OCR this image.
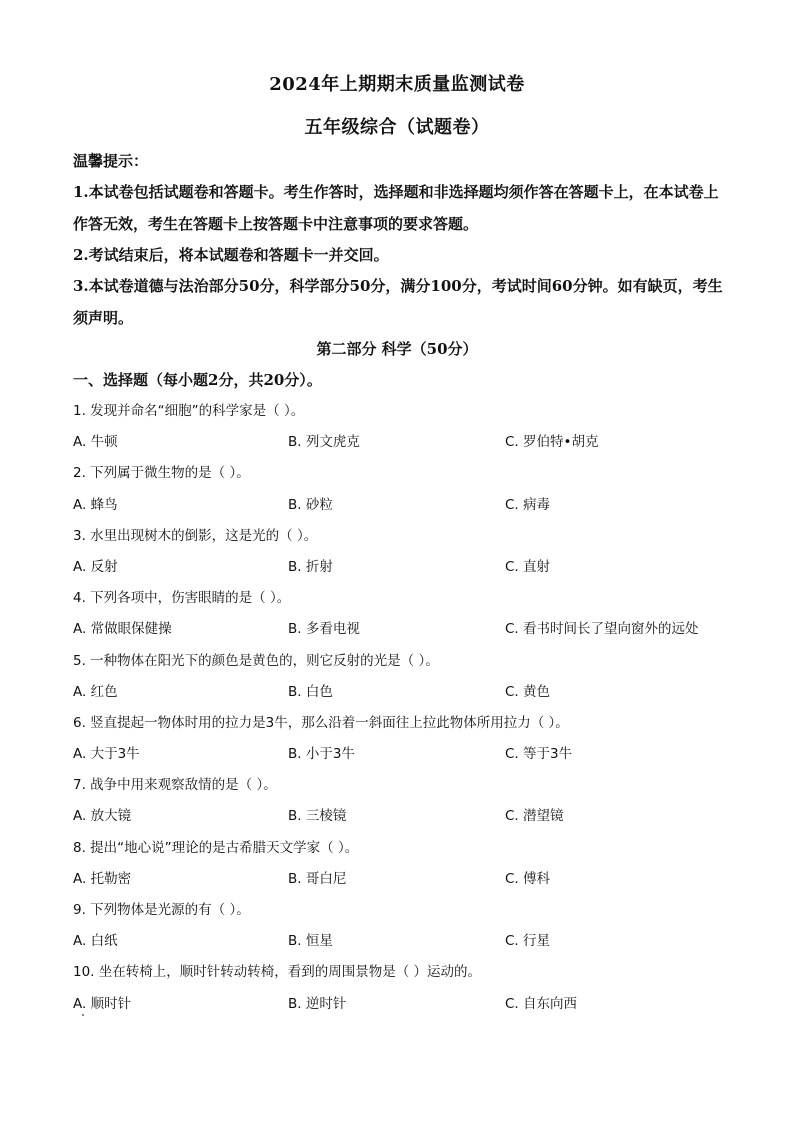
2024年上期期末质量监测试卷
五年级综合（试题卷）
温馨提示：
1.本试卷包括试题卷和答题卡。考生作答时，选择题和非选择题均须作答在答题卡上，在本试卷上作答无效，考生在答题卡上按答题卡中注意事项的要求答题。
2.考试结束后，将本试题卷和答题卡一并交回。
3.本试卷道德与法治部分50分，科学部分50分，满分100分，考试时间60分钟。如有缺页，考生须声明。
第二部分 科学（50分）
一、选择题（每小题2分，共20分）。
1. 发现并命名“细胞”的科学家是（ ）。
A. 牛顿	B. 列文虎克	C. 罗伯特•胡克
2. 下列属于微生物的是（ ）。
A. 蜂鸟	B. 砂粒	C. 病毒
3. 水里出现树木的倒影，这是光的（ ）。
A. 反射	B. 折射	C. 直射
4. 下列各项中，伤害眼睛的是（ ）。
A. 常做眼保健操	B. 多看电视	C. 看书时间长了望向窗外的远处
5. 一种物体在阳光下的颜色是黄色的，则它反射的光是（ ）。
A. 红色	B. 白色	C. 黄色
6. 竖直提起一物体时用的拉力是3牛，那么沿着一斜面往上拉此物体所用拉力（ ）。
A. 大于3牛	B. 小于3牛	C. 等于3牛
7. 战争中用来观察敌情的是（ ）。
A. 放大镜	B. 三棱镜	C. 潜望镜
8. 提出“地心说”理论的是古希腊天文学家（ ）。
A. 托勒密	B. 哥白尼	C. 傅科
9. 下列物体是光源的有（ ）。
A. 白纸	B. 恒星	C. 行星
10. 坐在转椅上，顺时针转动转椅，看到的周围景物是（ ）运动的。
A. 顺时针	B. 逆时针	C. 自东向西
